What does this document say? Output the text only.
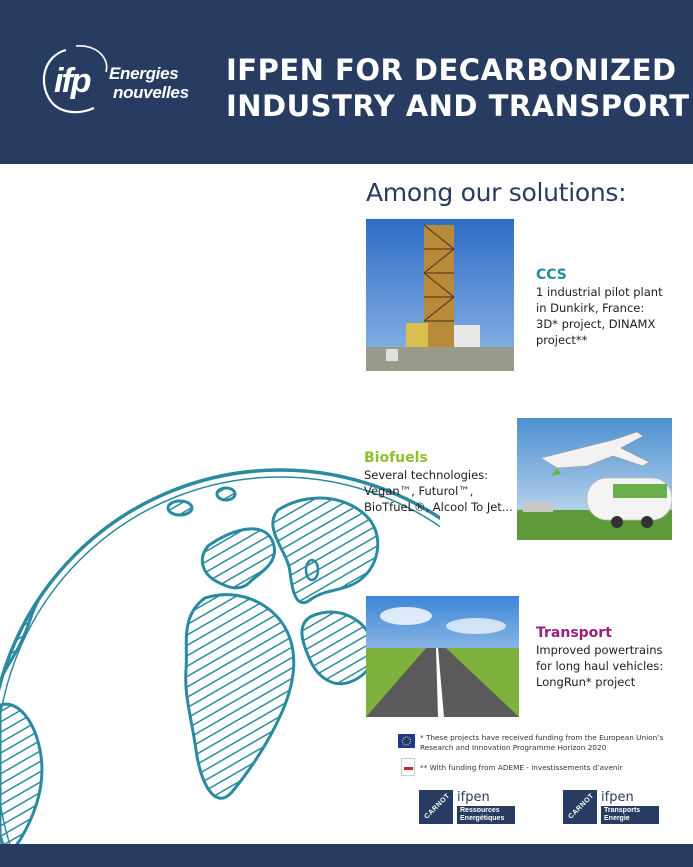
ifp Energies
nouvelles
IFPEN FOR DECARBONIZED
INDUSTRY AND TRANSPORT
Among our solutions:
CCS
1 industrial pilot plant
in Dunkirk, France:
3D* project, DINAMX
project**
Biofuels
Several technologies:
Vegan™, Futurol™,
BioTfueL®, Alcool To Jet...
Transport
Improved powertrains
for long haul vehicles:
LongRun* project
* These projects have received funding from the European Union’s
Research and Innovation Programme Horizon 2020
** With funding from ADEME - investissements d’avenir
CARNOT ifpen
Ressources
Energétiques	CARNOT ifpen
Transports
Energie
